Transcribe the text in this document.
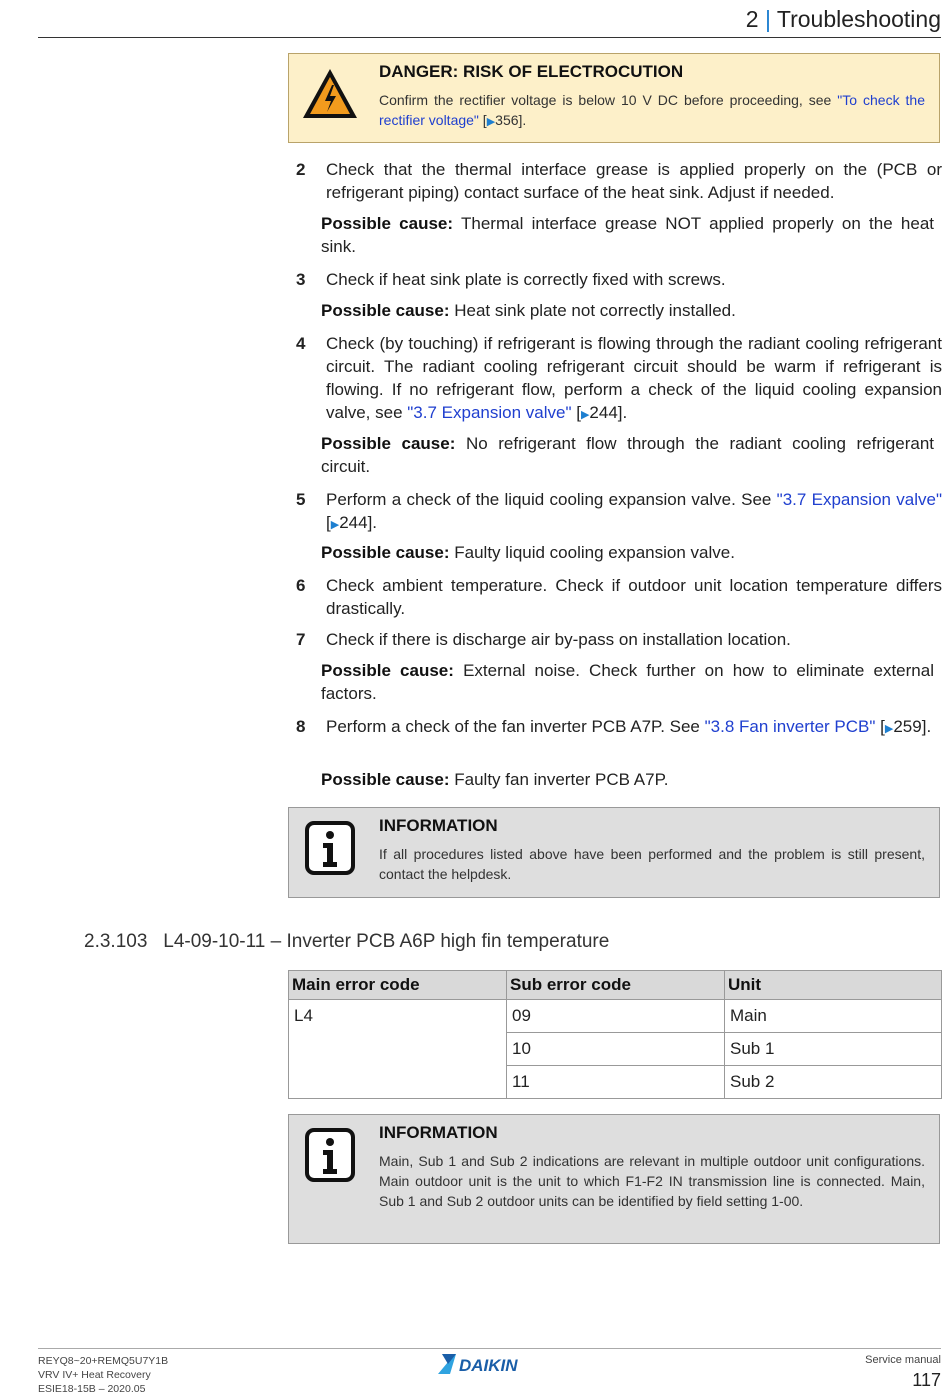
2 | Troubleshooting
DANGER: RISK OF ELECTROCUTION
Confirm the rectifier voltage is below 10 V DC before proceeding, see "To check the rectifier voltage" [▶356].
2 Check that the thermal interface grease is applied properly on the (PCB or refrigerant piping) contact surface of the heat sink. Adjust if needed.
Possible cause: Thermal interface grease NOT applied properly on the heat sink.
3 Check if heat sink plate is correctly fixed with screws.
Possible cause: Heat sink plate not correctly installed.
4 Check (by touching) if refrigerant is flowing through the radiant cooling refrigerant circuit. The radiant cooling refrigerant circuit should be warm if refrigerant is flowing. If no refrigerant flow, perform a check of the liquid cooling expansion valve, see "3.7 Expansion valve" [▶244].
Possible cause: No refrigerant flow through the radiant cooling refrigerant circuit.
5 Perform a check of the liquid cooling expansion valve. See "3.7 Expansion valve" [▶244].
Possible cause: Faulty liquid cooling expansion valve.
6 Check ambient temperature. Check if outdoor unit location temperature differs drastically.
7 Check if there is discharge air by-pass on installation location.
Possible cause: External noise. Check further on how to eliminate external factors.
8 Perform a check of the fan inverter PCB A7P. See "3.8 Fan inverter PCB" [▶259].
Possible cause: Faulty fan inverter PCB A7P.
INFORMATION
If all procedures listed above have been performed and the problem is still present, contact the helpdesk.
2.3.103 L4-09-10-11 – Inverter PCB A6P high fin temperature
Main error code	Sub error code	Unit
L4	09	Main
	10	Sub 1
	11	Sub 2
INFORMATION
Main, Sub 1 and Sub 2 indications are relevant in multiple outdoor unit configurations. Main outdoor unit is the unit to which F1-F2 IN transmission line is connected. Main, Sub 1 and Sub 2 outdoor units can be identified by field setting 1-00.
REYQ8~20+REMQ5U7Y1B
VRV IV+ Heat Recovery
ESIE18-15B – 2020.05
DAIKIN	Service manual
117
